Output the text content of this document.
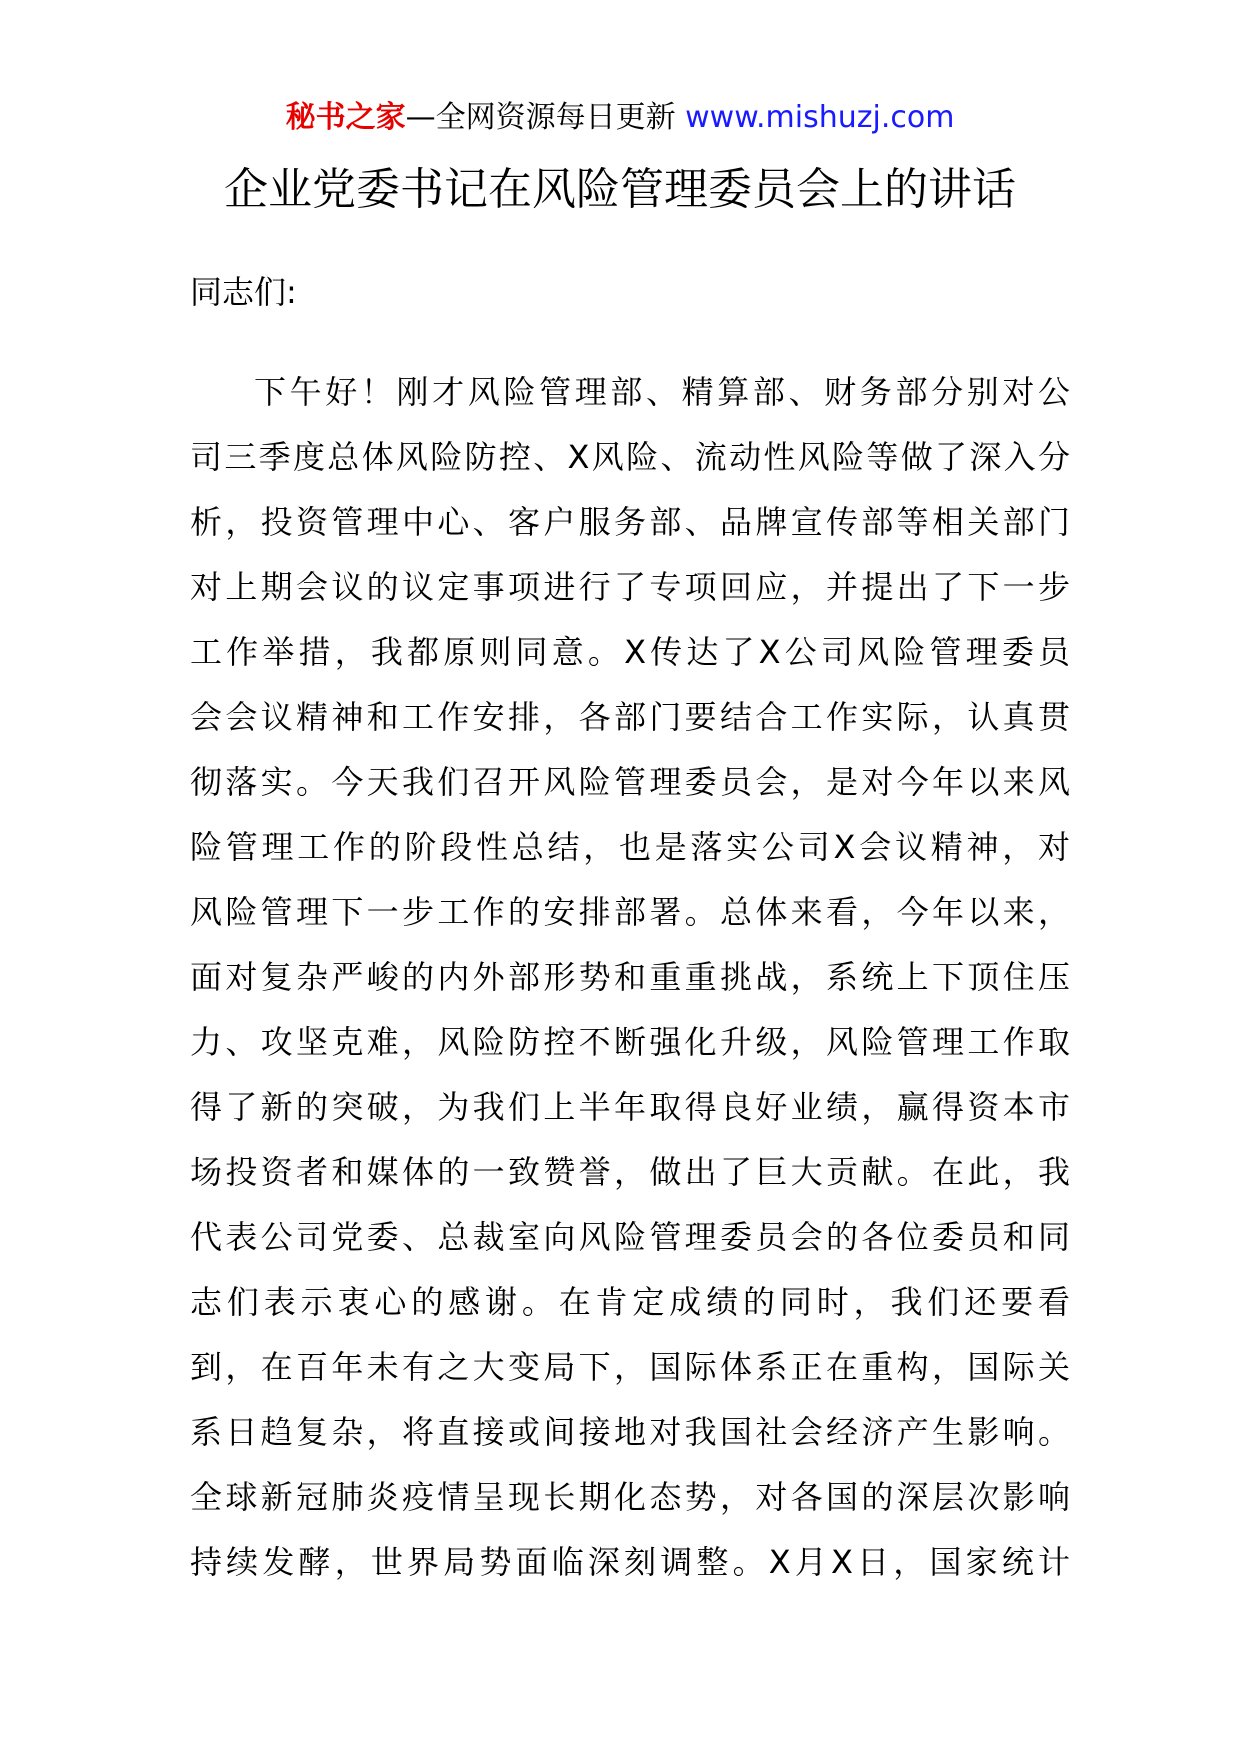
秘书之家—全网资源每日更新 www.mishuzj.com
企业党委书记在风险管理委员会上的讲话
同志们:
下午好！刚才风险管理部、精算部、财务部分别对公
司三季度总体风险防控、X风险、流动性风险等做了深入分
析，投资管理中心、客户服务部、品牌宣传部等相关部门
对上期会议的议定事项进行了专项回应，并提出了下一步
工作举措，我都原则同意。X传达了X公司风险管理委员
会会议精神和工作安排，各部门要结合工作实际，认真贯
彻落实。今天我们召开风险管理委员会，是对今年以来风
险管理工作的阶段性总结，也是落实公司X会议精神，对
风险管理下一步工作的安排部署。总体来看，今年以来，
面对复杂严峻的内外部形势和重重挑战，系统上下顶住压
力、攻坚克难，风险防控不断强化升级，风险管理工作取
得了新的突破，为我们上半年取得良好业绩，赢得资本市
场投资者和媒体的一致赞誉，做出了巨大贡献。在此，我
代表公司党委、总裁室向风险管理委员会的各位委员和同
志们表示衷心的感谢。在肯定成绩的同时，我们还要看
到，在百年未有之大变局下，国际体系正在重构，国际关
系日趋复杂，将直接或间接地对我国社会经济产生影响。
全球新冠肺炎疫情呈现长期化态势，对各国的深层次影响
持续发酵，世界局势面临深刻调整。X月X日，国家统计
